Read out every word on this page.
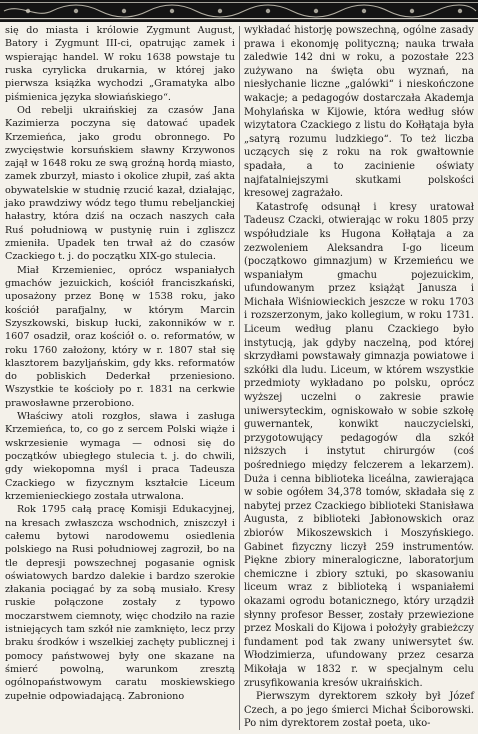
się do miasta i królowie Zygmunt August, Batory i Zygmunt III-ci, opatrując zamek i wspierając handel. W roku 1638 powstaje tu ruska cyrylicka drukarnia, w której jako pierwsza książka wychodzi „Gramatyka albo piśmienica języka słowiańskiego“.

Od rebelji ukraińskiej za czasów Jana Kazimierza poczyna się datować upadek Krzemieńca, jako grodu obronnego. Po zwycięstwie korsuńskiem sławny Krzywonos zajął w 1648 roku ze swą groźną hordą miasto, zamek zburzył, miasto i okolice złupił, zaś akta obywatelskie w studnię rzucić kazał, działając, jako prawdziwy wódz tego tłumu rebeljanckiej hałastry, która dziś na oczach naszych cała Ruś południową w pustynię ruin i zgliszcz zmieniła. Upadek ten trwał aż do czasów Czackiego t. j. do początku XIX-go stulecia.

Miał Krzemieniec, oprócz wspaniałych gmachów jezuickich, kościół franciszkański, uposażony przez Bonę w 1538 roku, jako kościół parafjalny, w którym Marcin Szyszkowski, biskup łucki, zakonników w r. 1607 osadził, oraz kościół o. o. reformatów, w roku 1760 założony, który w r. 1807 stał się klasztorem bazyljańskim, gdy kks. reformatów do pobliskich Dederkał przeniesiono. Wszystkie te kościoły po r. 1831 na cerkwie prawosławne przerobiono.

Właściwy atoli rozgłos, sława i zasługa Krzemieńca, to, co go z sercem Polski wiąże i wskrzesienie wymaga — odnosi się do początków ubiegłego stulecia t. j. do chwili, gdy wiekopomna myśl i praca Tadeusza Czackiego w fizycznym kształcie Liceum krzemienieckiego została utrwalona.

Rok 1795 całą pracę Komisji Edukacyjnej, na kresach zwłaszcza wschodnich, zniszczył i całemu bytowi narodowemu osiedlenia polskiego na Rusi południowej zagroził, bo na tle depresji powszechnej pogasanie ognisk oświatowych bardzo dalekie i bardzo szerokie złakania pociągać by za sobą musiało. Kresy ruskie połączone zostały z typowo moczarstwem ciemnoty, więc chodziło na razie istniejących tam szkół nie zamknięto, lecz przy braku środków i wszelkiej zachęty publicznej i pomocy państwowej były one skazane na śmierć powolną, warunkom zresztą ogólnopaństwowym caratu moskiewskiego zupełnie odpowiadającą. Zabroniono

wykładać historję powszechną, ogólne zasady prawa i ekonomję polityczną; nauka trwała zaledwie 142 dni w roku, a pozostałe 223 zużywano na święta obu wyznań, na niesłychanie liczne „galówki“ i nieskończone wakacje; a pedagogów dostarczała Akademja Mohylańska w Kijowie, która według słów wizytatora Czackiego z listu do Kołłątaja była „satyrą rozumu ludzkiego“. To też liczba uczących się z roku na rok gwałtownie spadała, a to zacinienie oświaty najfatalniejszymi skutkami polskości kresowej zagrażało.

Katastrofę odsunął i kresy uratował Tadeusz Czacki, otwierając w roku 1805 przy współudziale ks Hugona Kołłątaja a za zezwoleniem Aleksandra I-go liceum (początkowo gimnazjum) w Krzemieńcu we wspaniałym gmachu pojezuickim, ufundowanym przez książąt Janusza i Michała Wiśniowieckich jeszcze w roku 1703 i rozszerzonym, jako kollegium, w roku 1731. Liceum według planu Czackiego było instytucją, jak gdyby naczelną, pod której skrzydłami powstawały gimnazja powiatowe i szkółki dla ludu. Liceum, w którem wszystkie przedmioty wykładano po polsku, oprócz wyższej uczelni o zakresie prawie uniwersyteckim, ogniskowało w sobie szkołę guwernantek, konwikt nauczycielski, przygotowujący pedagogów dla szkół niższych i instytut chirurgów (coś pośredniego między felczerem a lekarzem). Duża i cenna biblioteka liceálna, zawierająca w sobie ogółem 34,378 tomów, składała się z nabytej przez Czackiego biblioteki Stanisława Augusta, z biblioteki Jabłonowskich oraz zbiorów Mikoszewskich i Moszyńskiego. Gabinet fizyczny liczył 259 instrumentów. Piękne zbiory mineralogiczne, laboratorjum chemiczne i zbiory sztuki, po skasowaniu liceum wraz z biblioteką i wspaniałemi okazami ogrodu botanicznego, który urządził słynny profesor Besser, zostały przewiezione przez Moskali do Kijowa i położyły grabieżczy fundament pod tak zwany uniwersytet św. Włodzimierza, ufundowany przez cesarza Mikołaja w 1832 r. w specjalnym celu zrusyfikowania kresów ukraińskich.

Pierwszym dyrektorem szkoły był Józef Czech, a po jego śmierci Michał Ściborowski. Po nim dyrektorem został poeta, uko-
